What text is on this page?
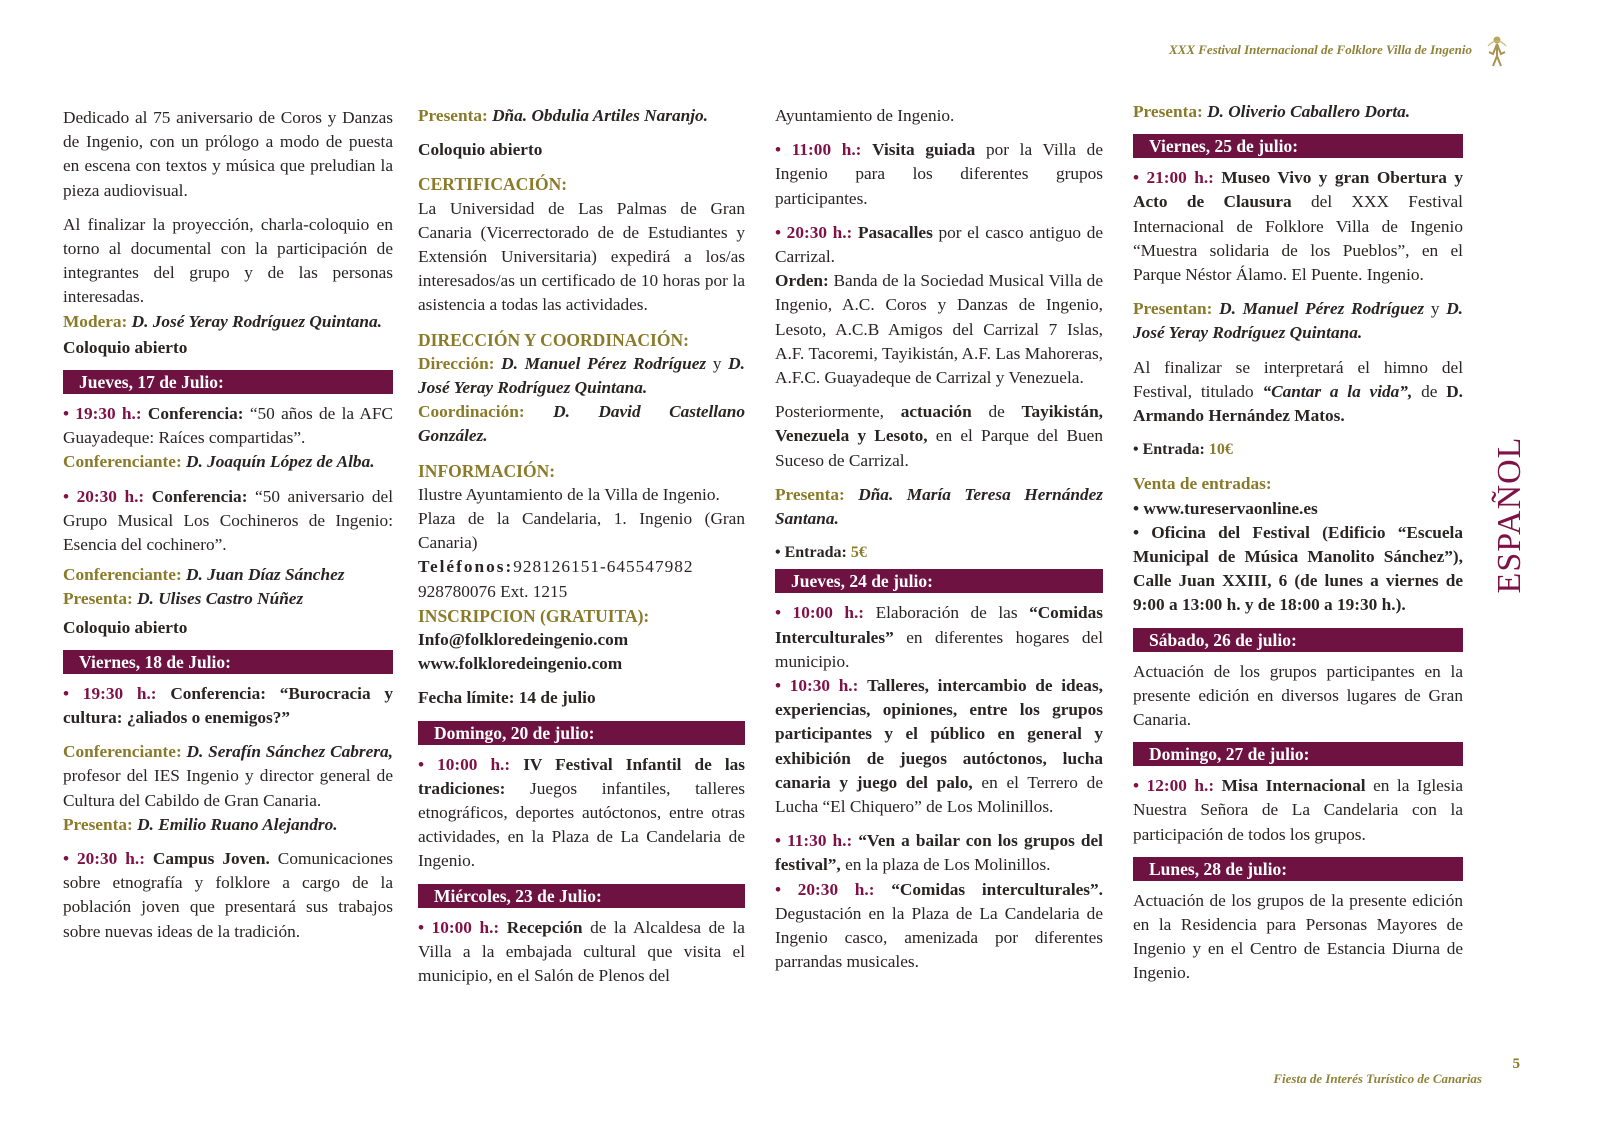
XXX Festival Internacional de Folklore Villa de Ingenio

Dedicado al 75 aniversario de Coros y Danzas de Ingenio, con un prólogo a modo de puesta en escena con textos y música que preludian la pieza audiovisual.

Al finalizar la proyección, charla-coloquio en torno al documental con la participación de integrantes del grupo y de las personas interesadas.

Modera: D. José Yeray Rodríguez Quintana.

Coloquio abierto

Jueves, 17 de Julio:

• 19:30 h.: Conferencia: “50 años de la AFC Guayadeque: Raíces compartidas”.

Conferenciante: D. Joaquín López de Alba.

• 20:30 h.: Conferencia: “50 aniversario del Grupo Musical Los Cochineros de Ingenio: Esencia del cochinero”.

Conferenciante: D. Juan Díaz Sánchez

Presenta: D. Ulises Castro Núñez

Coloquio abierto

Viernes, 18 de Julio:

• 19:30 h.: Conferencia: “Burocracia y cultura: ¿aliados o enemigos?”

Conferenciante: D. Serafín Sánchez Cabrera, profesor del IES Ingenio y director general de Cultura del Cabildo de Gran Canaria.

Presenta: D. Emilio Ruano Alejandro.

• 20:30 h.: Campus Joven. Comunicaciones sobre etnografía y folklore a cargo de la población joven que presentará sus trabajos sobre nuevas ideas de la tradición.

Presenta: Dña. Obdulia Artiles Naranjo.

Coloquio abierto

CERTIFICACIÓN:

La Universidad de Las Palmas de Gran Canaria (Vicerrectorado de de Estudiantes y Extensión Universitaria) expedirá a los/as interesados/as un certificado de 10 horas por la asistencia a todas las actividades.

DIRECCIÓN Y COORDINACIÓN:

Dirección: D. Manuel Pérez Rodríguez y D. José Yeray Rodríguez Quintana.

Coordinación: D. David Castellano González.

INFORMACIÓN:

Ilustre Ayuntamiento de la Villa de Ingenio.

Plaza de la Candelaria, 1. Ingenio (Gran Canaria)

Teléfonos:928126151-645547982

928780076 Ext. 1215

INSCRIPCION (GRATUITA):

Info@folkloredeingenio.com

www.folkloredeingenio.com

Fecha límite: 14 de julio

Domingo, 20 de julio:

• 10:00 h.: IV Festival Infantil de las tradiciones: Juegos infantiles, talleres etnográficos, deportes autóctonos, entre otras actividades, en la Plaza de La Candelaria de Ingenio.

Miércoles, 23 de Julio:

• 10:00 h.: Recepción de la Alcaldesa de la Villa a la embajada cultural que visita el municipio, en el Salón de Plenos del

Ayuntamiento de Ingenio.

• 11:00 h.: Visita guiada por la Villa de Ingenio para los diferentes grupos participantes.

• 20:30 h.: Pasacalles por el casco antiguo de Carrizal.

Orden: Banda de la Sociedad Musical Villa de Ingenio, A.C. Coros y Danzas de Ingenio, Lesoto, A.C.B Amigos del Carrizal 7 Islas, A.F. Tacoremi, Tayikistán, A.F. Las Mahoreras, A.F.C. Guayadeque de Carrizal y Venezuela.

Posteriormente, actuación de Tayikistán, Venezuela y Lesoto, en el Parque del Buen Suceso de Carrizal.

Presenta: Dña. María Teresa Hernández Santana.

• Entrada: 5€

Jueves, 24 de julio:

• 10:00 h.: Elaboración de las “Comidas Interculturales” en diferentes hogares del municipio.

• 10:30 h.: Talleres, intercambio de ideas, experiencias, opiniones, entre los grupos participantes y el público en general y exhibición de juegos autóctonos, lucha canaria y juego del palo, en el Terrero de Lucha “El Chiquero” de Los Molinillos.

• 11:30 h.: “Ven a bailar con los grupos del festival”, en la plaza de Los Molinillos.

• 20:30 h.: “Comidas interculturales”. Degustación en la Plaza de La Candelaria de Ingenio casco, amenizada por diferentes parrandas musicales.

Presenta: D. Oliverio Caballero Dorta.

Viernes, 25 de julio:

• 21:00 h.: Museo Vivo y gran Obertura y Acto de Clausura del XXX Festival Internacional de Folklore Villa de Ingenio “Muestra solidaria de los Pueblos”, en el Parque Néstor Álamo. El Puente. Ingenio.

Presentan: D. Manuel Pérez Rodríguez y D. José Yeray Rodríguez Quintana.

Al finalizar se interpretará el himno del Festival, titulado “Cantar a la vida”, de D. Armando Hernández Matos.

• Entrada: 10€

Venta de entradas:

• www.tureservaonline.es

• Oficina del Festival (Edificio “Escuela Municipal de Música Manolito Sánchez”), Calle Juan XXIII, 6 (de lunes a viernes de 9:00 a 13:00 h. y de 18:00 a 19:30 h.).

Sábado, 26 de julio:

Actuación de los grupos participantes en la presente edición en diversos lugares de Gran Canaria.

Domingo, 27 de julio:

• 12:00 h.: Misa Internacional en la Iglesia Nuestra Señora de La Candelaria con la participación de todos los grupos.

Lunes, 28 de julio:

Actuación de los grupos de la presente edición en la Residencia para Personas Mayores de Ingenio y en el Centro de Estancia Diurna de Ingenio.

ESPAÑOL
5
Fiesta de Interés Turístico de Canarias
